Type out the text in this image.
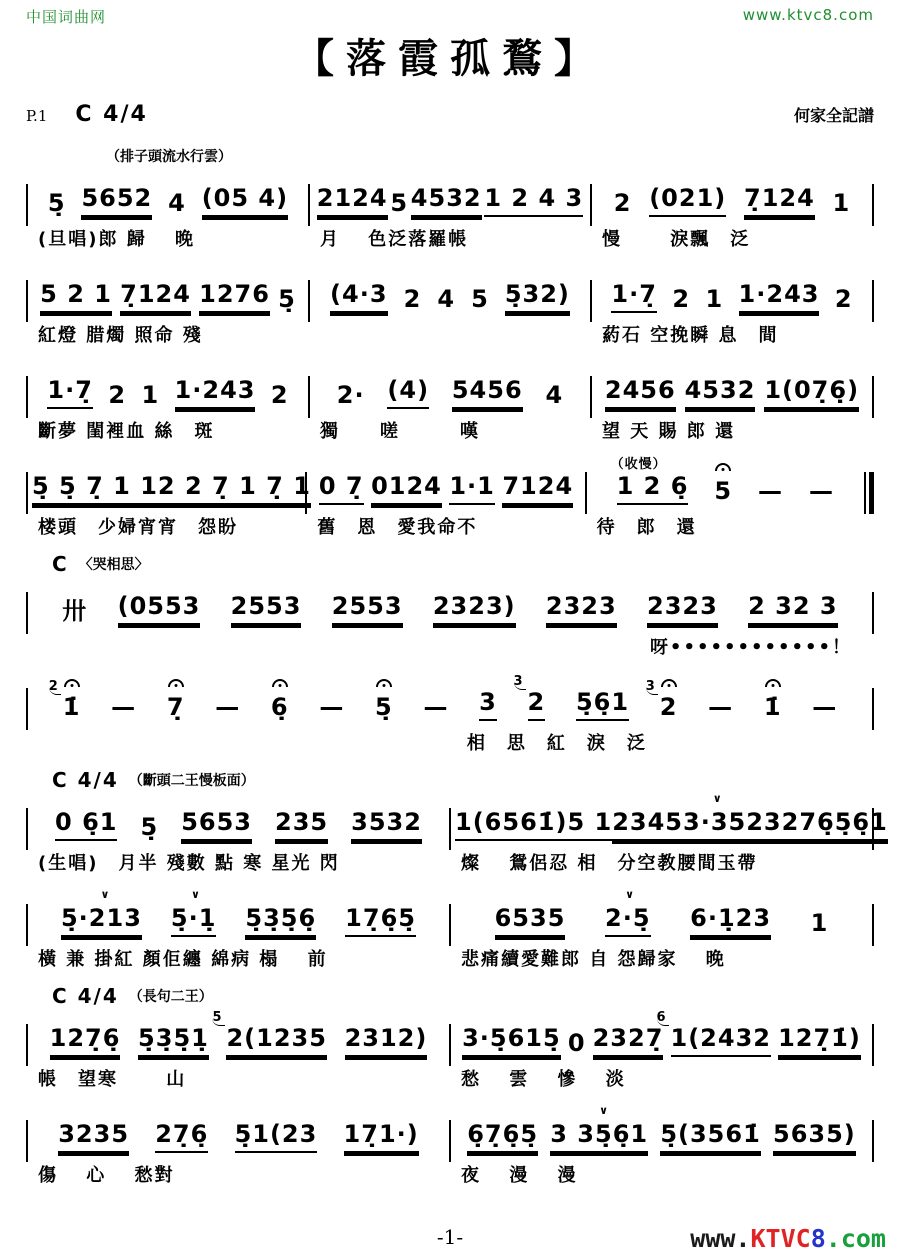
中国词曲网	www.ktvc8.com
【落霞孤鶩】
P.1 C 4/4	何家全記譜
（排子頭流水行雲）
5̣ 5652 4 (05 4)
(旦唱)郎 歸　 晚
2124 5 4532 1 2 4 3
月　 色泛落羅帳
2 (021) 7̣124 1
慢　　 淚飄　泛
5 2 1 7̣124 1276 5̣
紅燈 腊燭 照命 殘
(4·3 2 4 5 5̣32) 1·7̣ 2 1 1·243 2
葯石 空挽瞬 息　間
1·7̣ 2 1 1·243 2
斷夢 閨裡血 絲　斑
2· (4) 5456 4
獨　　嗟　　　嘆
2456 4532 1(07̣6̣)
望 天 賜 郎 還
5̣ 5̣ 7̣ 1 1 2 2 7̣ 1 7̣ 1
楼頭　少婦宵宵　怨盼
0 7̣ 0124 1·1 7124
舊　恩　愛我命不
1 2 6̣
（收慢）
5 — —
待　郎　還
C 〈哭相思〉
卅 (0553 2553 2553 2323) 2323 2323 2 32 3
呀••••••••••••！
1̇
2
— 7̣ — 6̣ — 5̣ — 3 2
3
5̣6̣1 2
3
— 1̇ —
相　思　紅　淚　泛
C 4/4 （斷頭二王慢板面）
0 6̣1 5̣ 5653 235 3532
(生唱)　月半 殘數 點 寒 星光 閃
1(6561̇) 5 1 2345 3·35
∨
23276̣5̣6̣1
燦　 鴛侶忍 相　分空教腰間玉帶
5̣·213
∨
5̣·1̣
∨
5̣3̣5̣6̣ 17̣6̣5̣
橫 兼 掛紅 顏佢纏 綿病 榻　 前
6535 2·5̣
∨
6·1̣23 1
悲痛續愛難郎 自 怨歸家　 晚
C 4/4 （長句二王）
127̣6̣ 5̣3̣5̣1̣ 2(1235
5
2312)
帳　望寒　　 山
3·5̣615̣ 0 2327̣ 1(2432
6
127̣1̇)
愁　 雲　 慘　 淡
3235 27̣6̣ 5̣1(23 17̣1·)
傷　 心　 愁對
6̣7̣6̣5̣ 3 35̣6̣1
∨
5̣(3561̇ 5635)
夜　 漫　 漫
-1-	www.KTVC8.com
